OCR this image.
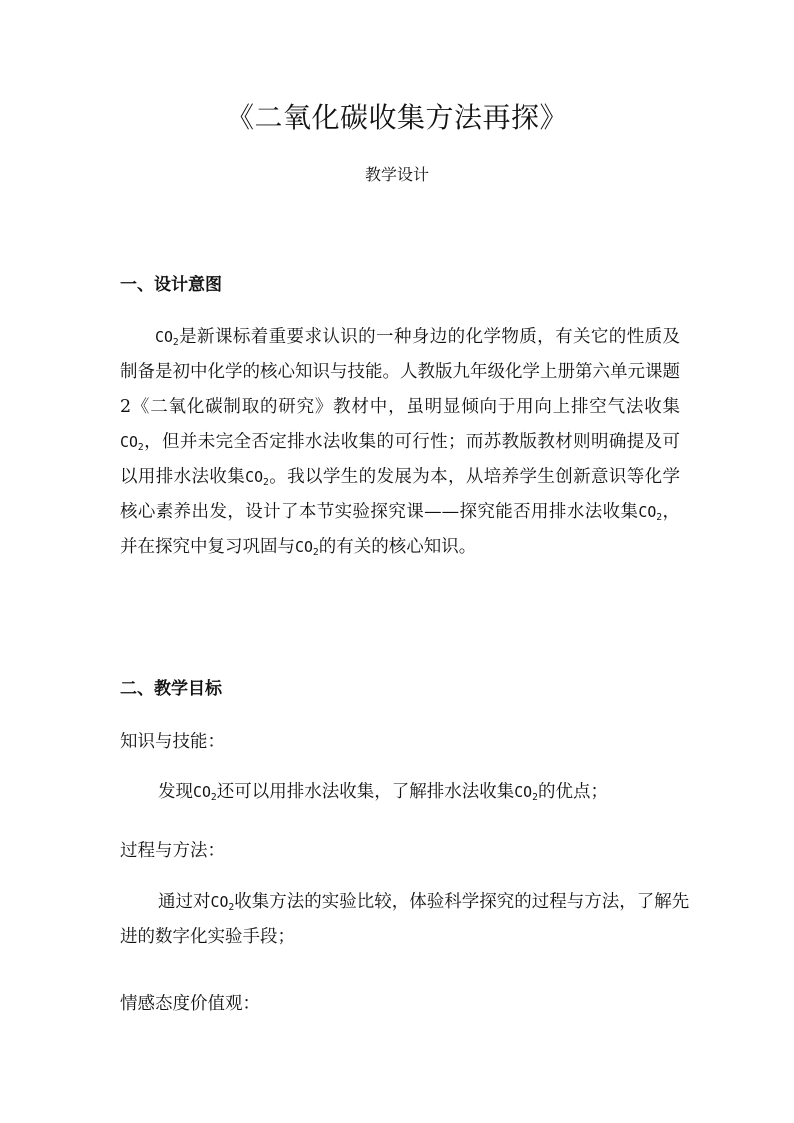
《二氧化碳收集方法再探》
教学设计
一、设计意图
$CO_2$是新课标着重要求认识的一种身边的化学物质，有关它的性质及制备是初中化学的核心知识与技能。人教版九年级化学上册第六单元课题2《二氧化碳制取的研究》教材中，虽明显倾向于用向上排空气法收集$CO_2$，但并未完全否定排水法收集的可行性；而苏教版教材则明确提及可以用排水法收集$CO_2$。我以学生的发展为本，从培养学生创新意识等化学核心素养出发，设计了本节实验探究课——探究能否用排水法收集$CO_2$，并在探究中复习巩固与$CO_2$的有关的核心知识。
二、教学目标
知识与技能：
发现$CO_2$还可以用排水法收集，了解排水法收集$CO_2$的优点；
过程与方法：
通过对$CO_2$收集方法的实验比较，体验科学探究的过程与方法，了解先进的数字化实验手段；
情感态度价值观：
